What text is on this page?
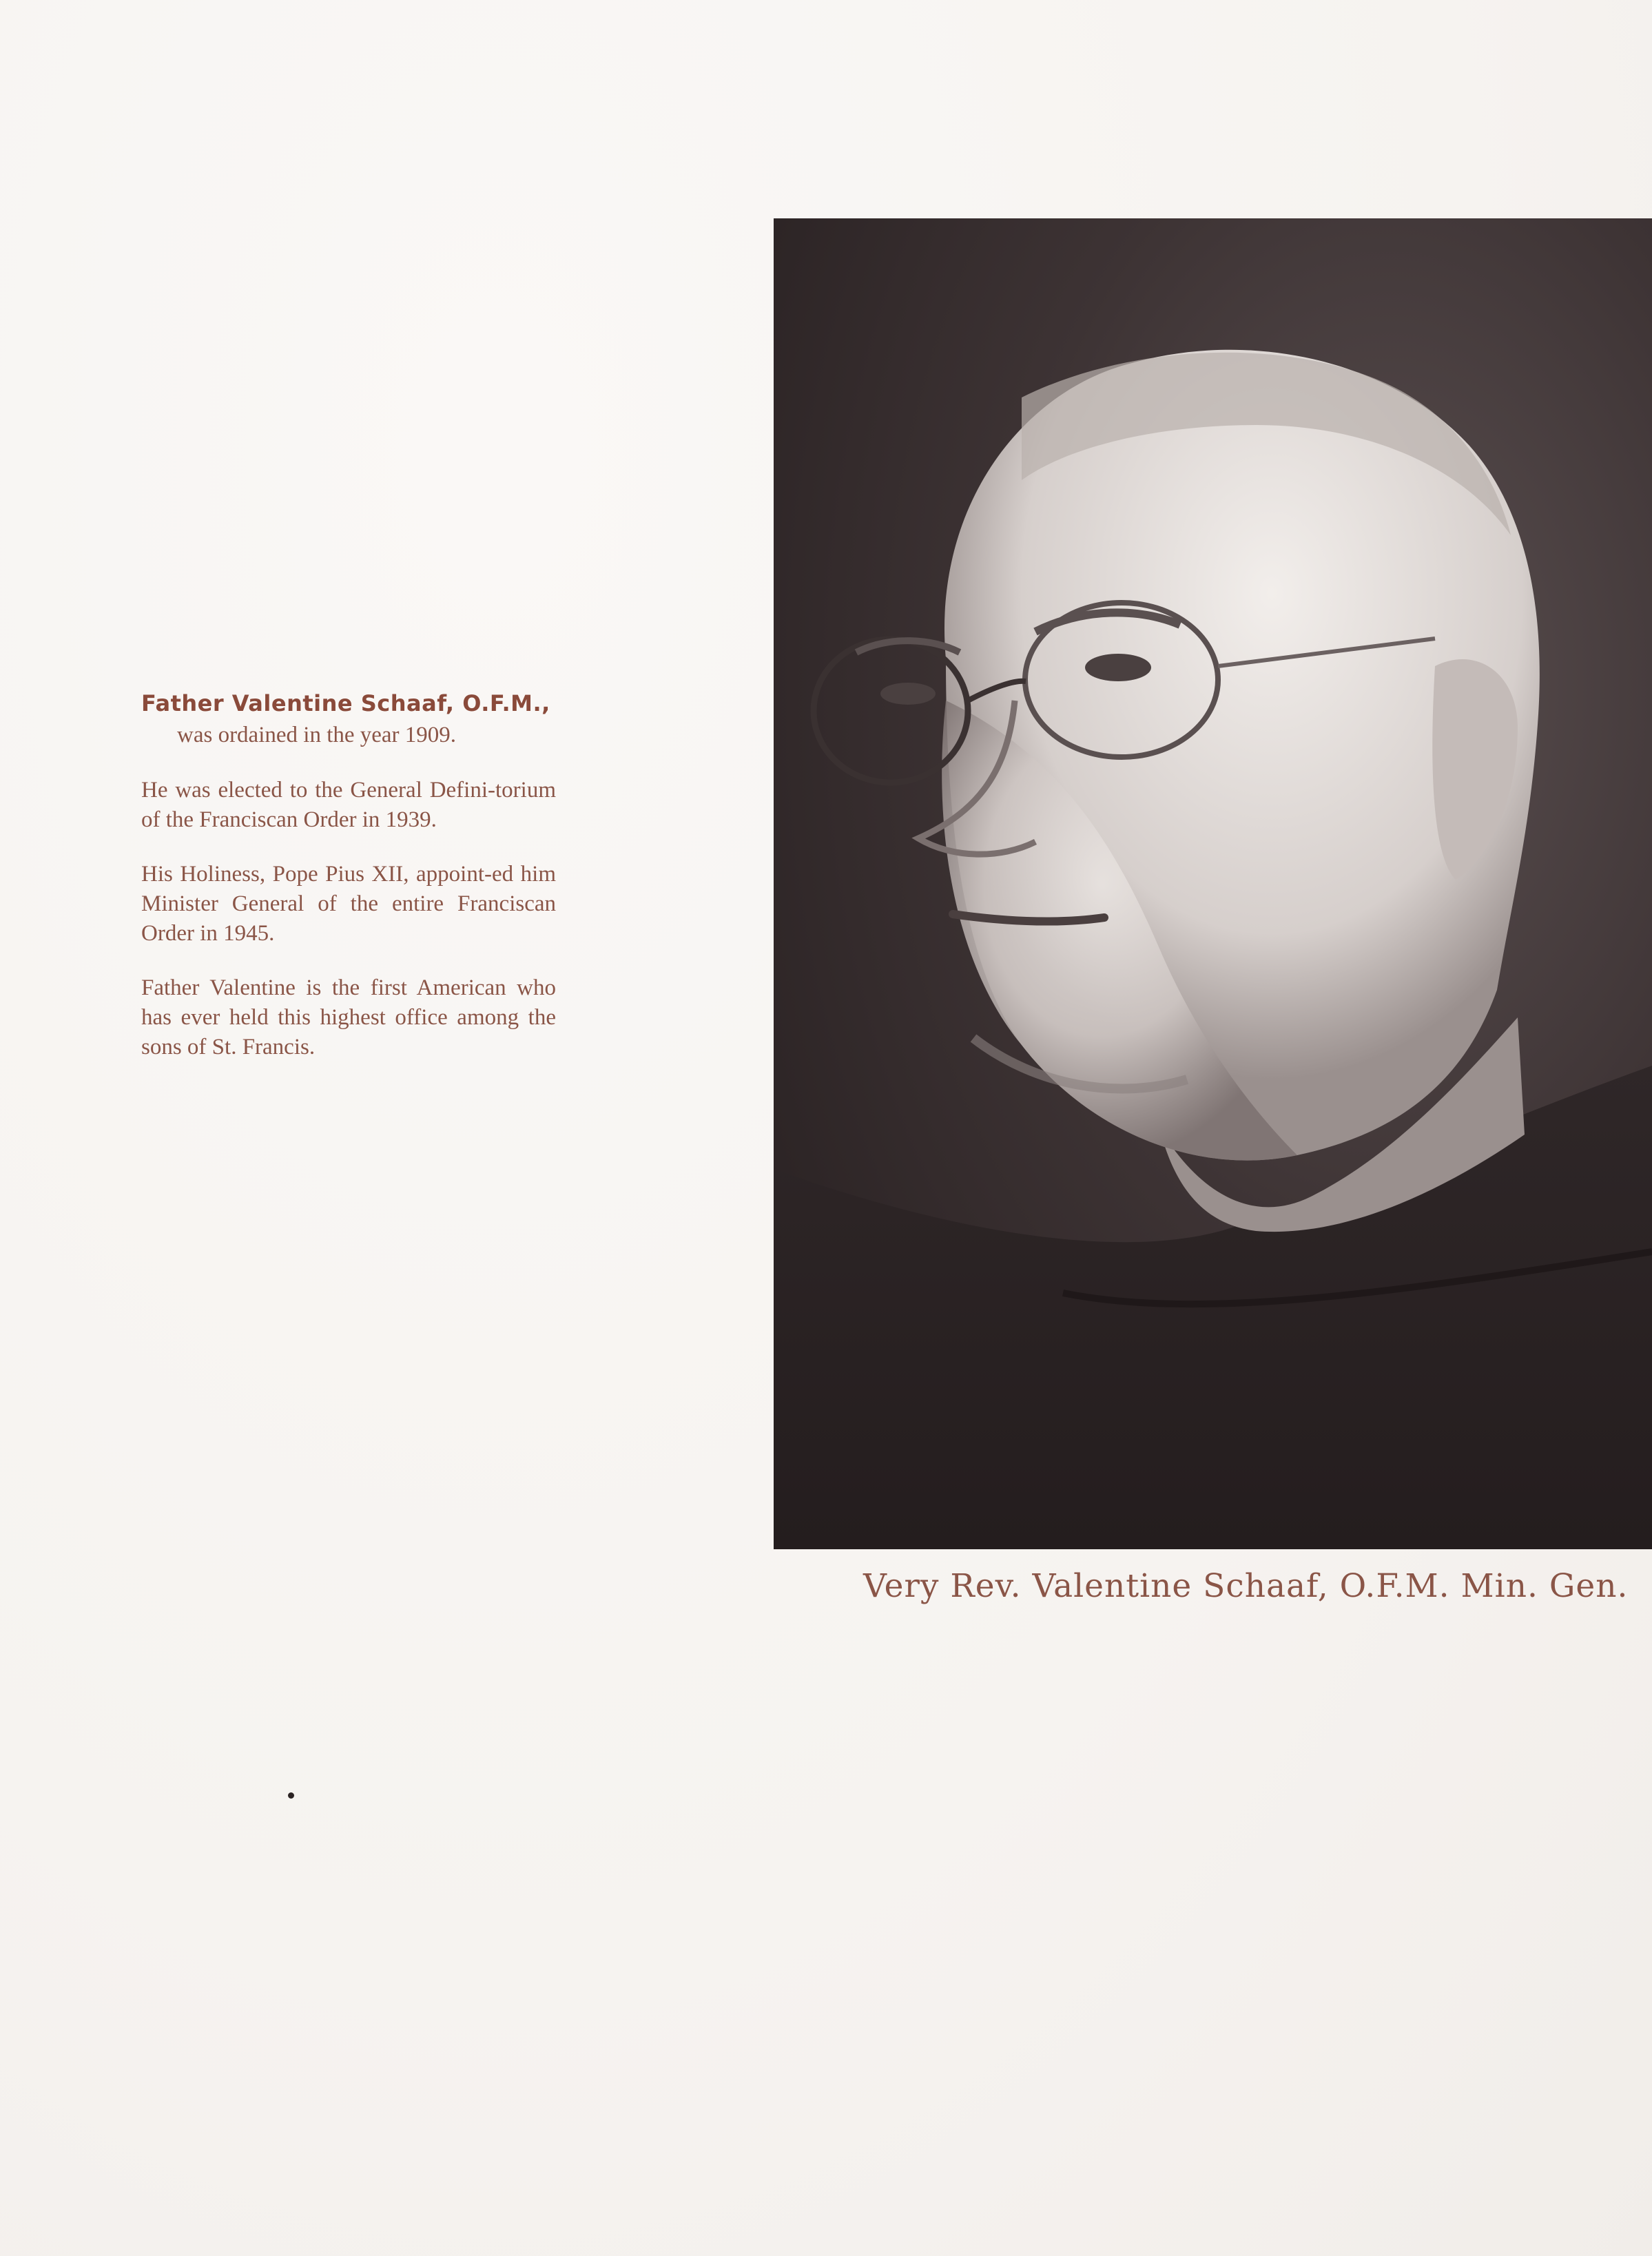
Father Valentine Schaaf, O.F.M.,

was ordained in the year 1909.

He was elected to the General Defini-torium of the Franciscan Order in 1939.

His Holiness, Pope Pius XII, appoint-ed him Minister General of the entire Franciscan Order in 1945.

Father Valentine is the first American who has ever held this highest office among the sons of St. Francis.

Very Rev. Valentine Schaaf, O.F.M. Min. Gen.
